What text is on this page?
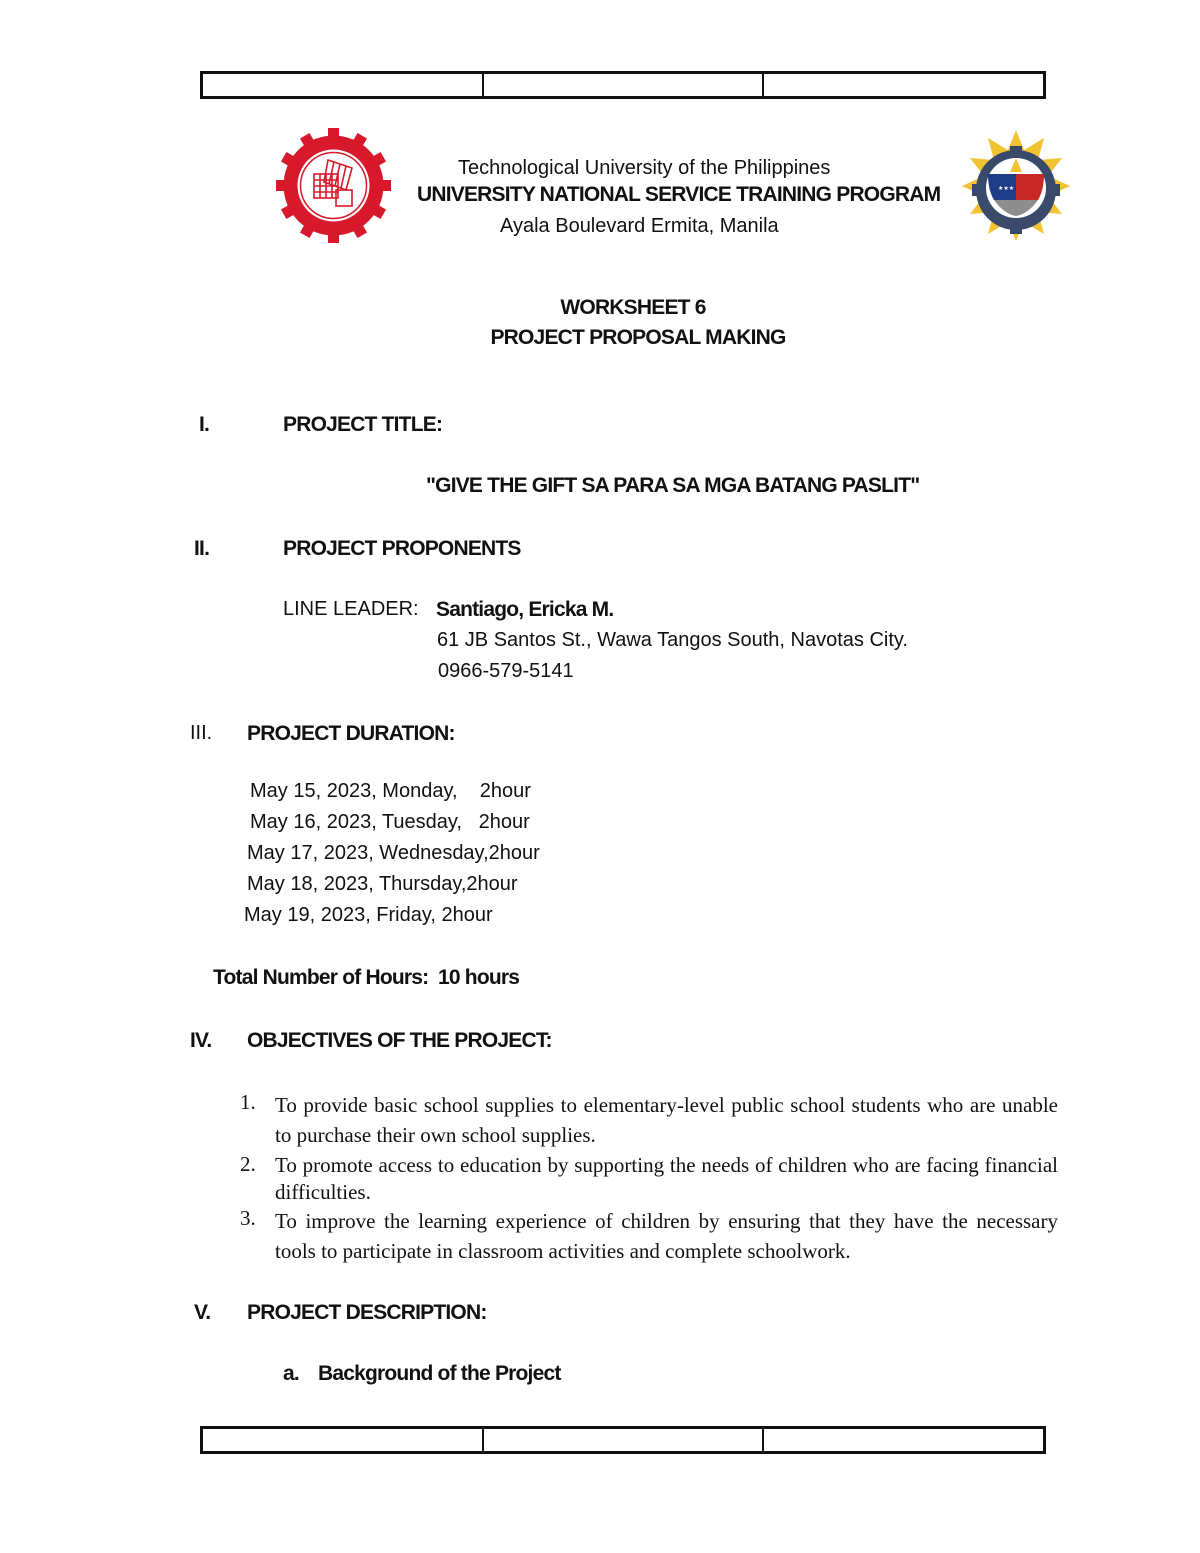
★★★
Technological University of the Philippines
UNIVERSITY NATIONAL SERVICE TRAINING PROGRAM
Ayala Boulevard Ermita, Manila
WORKSHEET 6
PROJECT PROPOSAL MAKING
I.	PROJECT TITLE:
"GIVE THE GIFT SA PARA SA MGA BATANG PASLIT"
II.	PROJECT PROPONENTS
LINE LEADER: Santiago, Ericka M.
61 JB Santos St., Wawa Tangos South, Navotas City.
0966-579-5141
III. PROJECT DURATION:
May 15, 2023, Monday,    2hour
May 16, 2023, Tuesday,   2hour
May 17, 2023, Wednesday,2hour
May 18, 2023, Thursday,2hour
May 19, 2023, Friday, 2hour
Total Number of Hours: 10 hours
IV. OBJECTIVES OF THE PROJECT:
1. To provide basic school supplies to elementary-level public school students who are unable to purchase their own school supplies.
2. To promote access to education by supporting the needs of children who are facing financial difficulties.
3. To improve the learning experience of children by ensuring that they have the necessary tools to participate in classroom activities and complete schoolwork.
V. PROJECT DESCRIPTION:
a. Background of the Project
